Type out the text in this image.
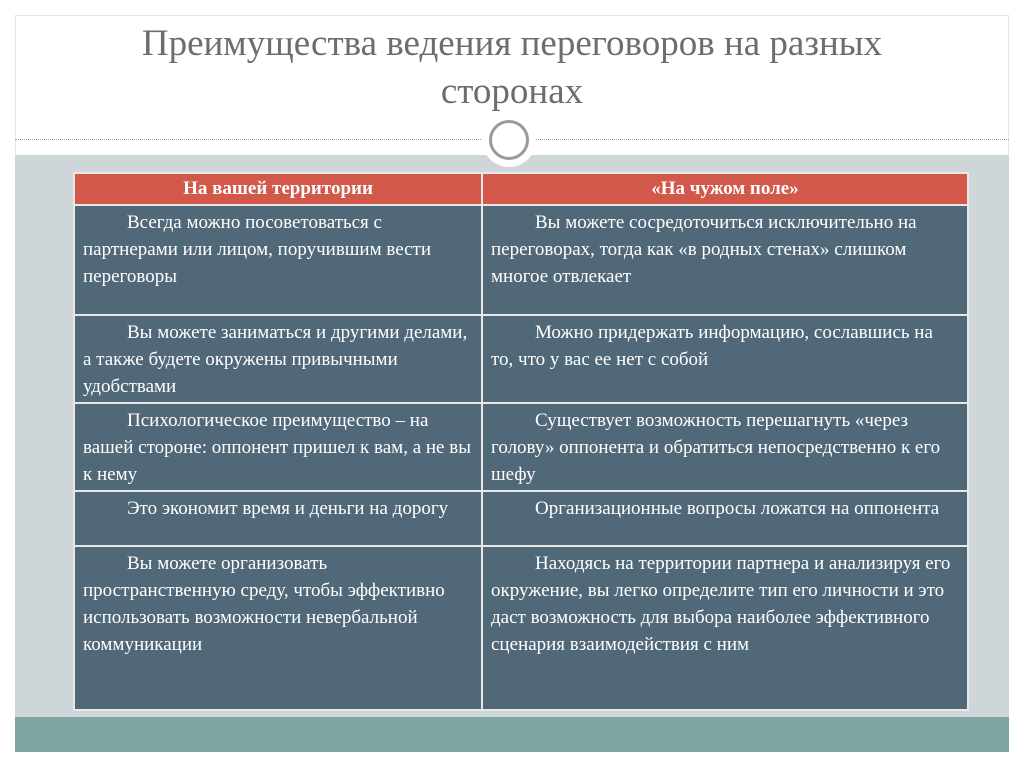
Преимущества ведения переговоров на разных сторонах
На вашей территории	«На чужом поле»

Всегда можно посоветоваться с партнерами или лицом, поручившим вести переговоры	Вы можете сосредоточиться исключительно на переговорах, тогда как «в родных стенах» слишком многое отвлекает

Вы можете заниматься и другими делами, а также будете окружены привычными удобствами	Можно придержать информацию, сославшись на то, что у вас ее нет с собой

Психологическое преимущество – на вашей стороне: оппонент пришел к вам, а не вы к нему	Существует возможность перешагнуть «через голову» оппонента и обратиться непосредственно к его шефу

Это экономит время и деньги на дорогу	Организационные вопросы ложатся на оппонента

Вы можете организовать пространственную среду, чтобы эффективно использовать возможности невербальной коммуникации	Находясь на территории партнера и анализируя его окружение, вы легко определите тип его личности и это даст возможность для выбора наиболее эффективного сценария взаимодействия с ним
